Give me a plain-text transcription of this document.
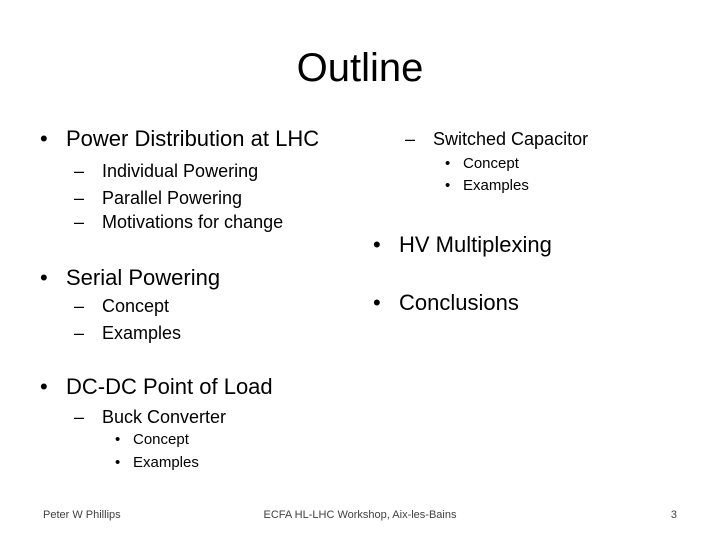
Outline
• Power Distribution at LHC
– Individual Powering
– Parallel Powering
– Motivations for change
• Serial Powering
– Concept
– Examples
• DC-DC Point of Load
– Buck Converter
• Concept
• Examples
– Switched Capacitor
• Concept
• Examples
• HV Multiplexing
• Conclusions
Peter W Phillips	ECFA HL-LHC Workshop, Aix-les-Bains	3
